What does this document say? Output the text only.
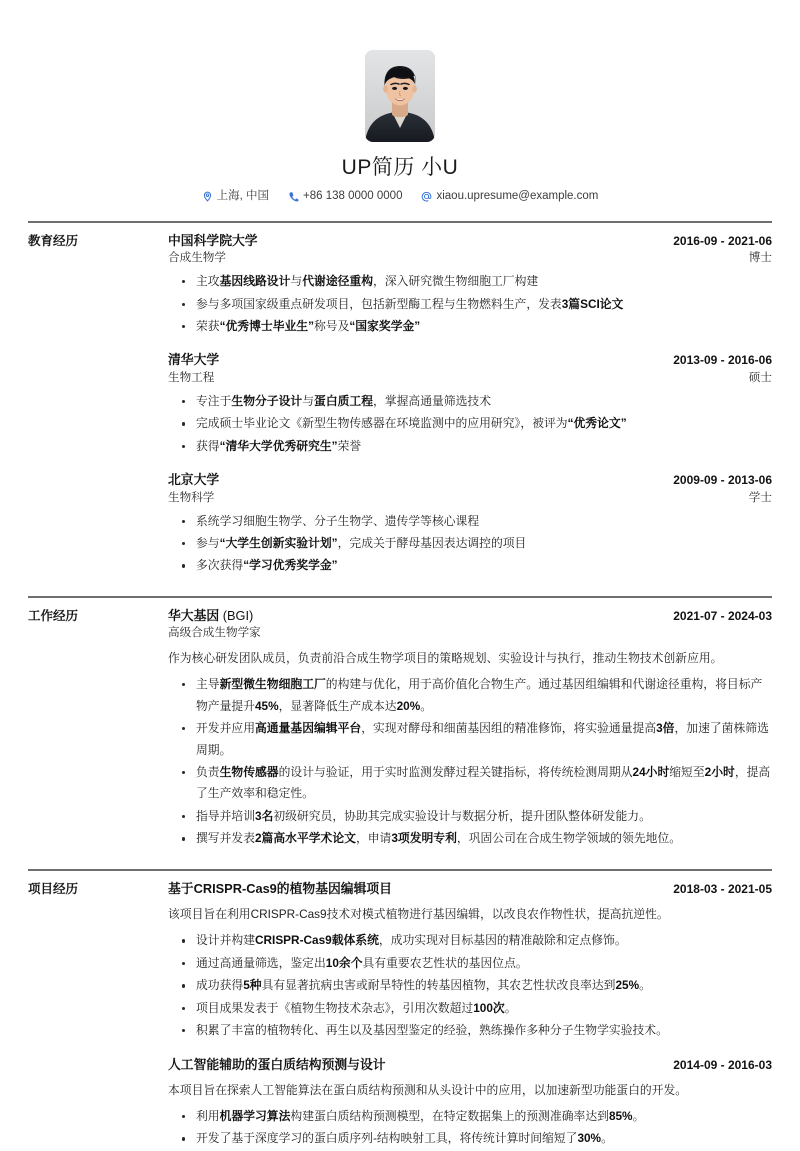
UP简历 小U
上海, 中国	+86 138 0000 0000	xiaou.upresume@example.com
教育经历	中国科学院大学	2016-09 - 2021-06
合成生物学	博士
主攻基因线路设计与代谢途径重构，深入研究微生物细胞工厂构建
参与多项国家级重点研发项目，包括新型酶工程与生物燃料生产，发表3篇SCI论文
荣获“优秀博士毕业生”称号及“国家奖学金”
清华大学	2013-09 - 2016-06
生物工程	硕士
专注于生物分子设计与蛋白质工程，掌握高通量筛选技术
完成硕士毕业论文《新型生物传感器在环境监测中的应用研究》，被评为“优秀论文”
获得“清华大学优秀研究生”荣誉
北京大学	2009-09 - 2013-06
生物科学	学士
系统学习细胞生物学、分子生物学、遗传学等核心课程
参与“大学生创新实验计划”，完成关于酵母基因表达调控的项目
多次获得“学习优秀奖学金”
工作经历	华大基因 (BGI)	2021-07 - 2024-03
高级合成生物学家
作为核心研发团队成员，负责前沿合成生物学项目的策略规划、实验设计与执行，推动生物技术创新应用。
主导新型微生物细胞工厂的构建与优化，用于高价值化合物生产。通过基因组编辑和代谢途径重构，将目标产物产量提升45%，显著降低生产成本达20%。
开发并应用高通量基因编辑平台，实现对酵母和细菌基因组的精准修饰，将实验通量提高3倍，加速了菌株筛选周期。
负责生物传感器的设计与验证，用于实时监测发酵过程关键指标，将传统检测周期从24小时缩短至2小时，提高了生产效率和稳定性。
指导并培训3名初级研究员，协助其完成实验设计与数据分析，提升团队整体研发能力。
撰写并发表2篇高水平学术论文，申请3项发明专利，巩固公司在合成生物学领域的领先地位。
项目经历	基于CRISPR-Cas9的植物基因编辑项目	2018-03 - 2021-05
该项目旨在利用CRISPR-Cas9技术对模式植物进行基因编辑，以改良农作物性状，提高抗逆性。
设计并构建CRISPR-Cas9载体系统，成功实现对目标基因的精准敲除和定点修饰。
通过高通量筛选，鉴定出10余个具有重要农艺性状的基因位点。
成功获得5种具有显著抗病虫害或耐旱特性的转基因植物，其农艺性状改良率达到25%。
项目成果发表于《植物生物技术杂志》，引用次数超过100次。
积累了丰富的植物转化、再生以及基因型鉴定的经验，熟练操作多种分子生物学实验技术。
人工智能辅助的蛋白质结构预测与设计	2014-09 - 2016-03
本项目旨在探索人工智能算法在蛋白质结构预测和从头设计中的应用，以加速新型功能蛋白的开发。
利用机器学习算法构建蛋白质结构预测模型，在特定数据集上的预测准确率达到85%。
开发了基于深度学习的蛋白质序列-结构映射工具，将传统计算时间缩短了30%。
